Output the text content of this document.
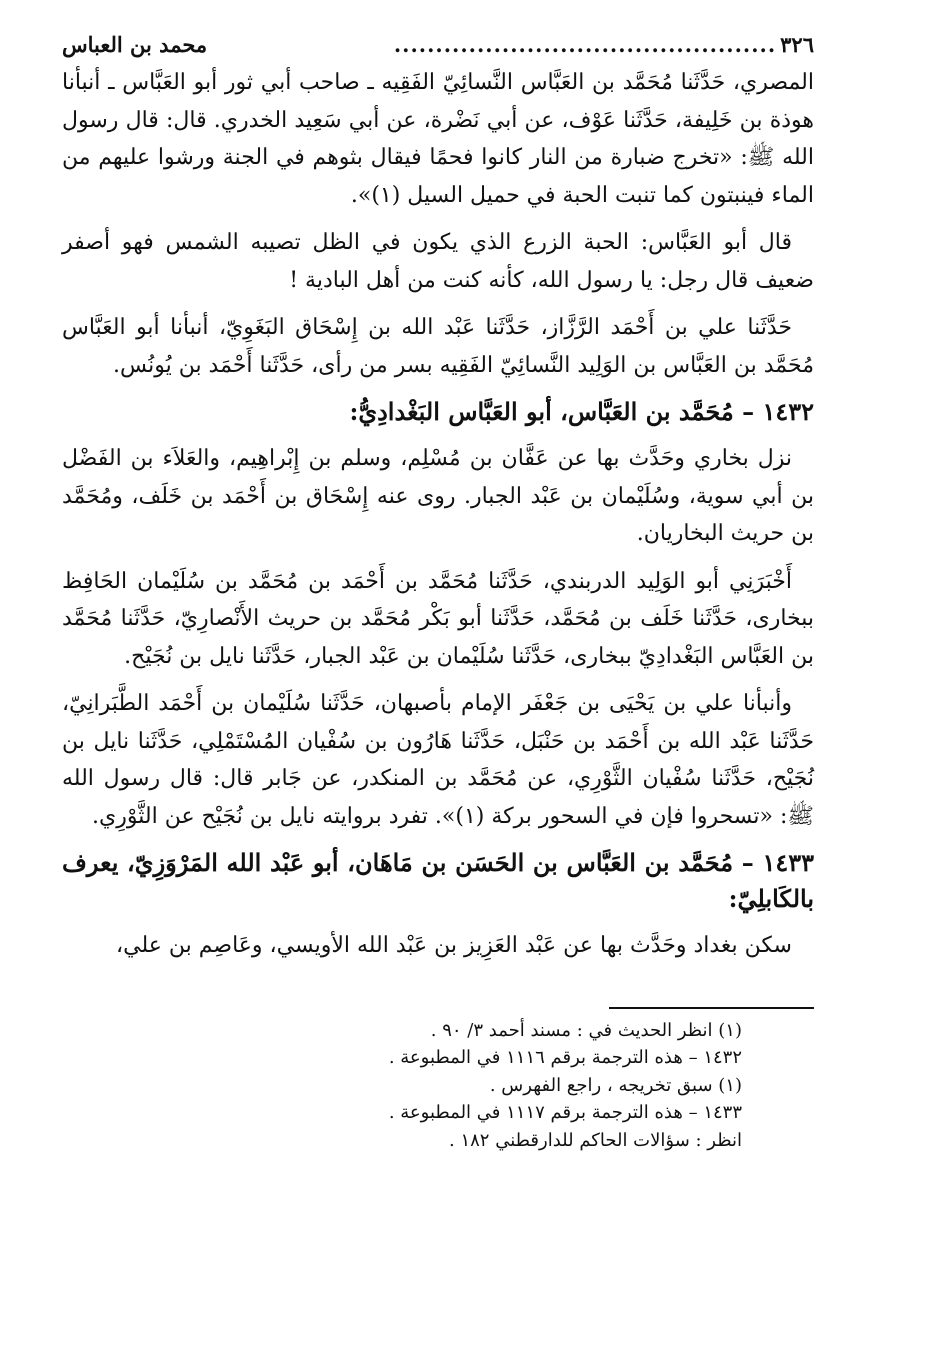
٣٢٦
..............................................
محمد بن العباس

المصري، حَدَّثَنا مُحَمَّد بن العَبَّاس النَّسائِيّ الفَقِيه ـ صاحب أبي ثور أبو العَبَّاس ـ أنبأنا هوذة بن خَلِيفة، حَدَّثَنا عَوْف، عن أبي نَضْرة، عن أبي سَعِيد الخدري. قال: قال رسول الله ﷺ: «تخرج ضبارة من النار كانوا فحمًا فيقال بثوهم في الجنة ورشوا عليهم من الماء فينبتون كما تنبت الحبة في حميل السيل (١)».

قال أبو العَبَّاس: الحبة الزرع الذي يكون في الظل تصيبه الشمس فهو أصفر ضعيف قال رجل: يا رسول الله، كأنه كنت من أهل البادية !

حَدَّثَنا علي بن أَحْمَد الرَّزَّاز، حَدَّثَنا عَبْد الله بن إِسْحَاق البَغَوِيّ، أنبأنا أبو العَبَّاس مُحَمَّد بن العَبَّاس بن الوَلِيد النَّسائِيّ الفَقِيه بسر من رأى، حَدَّثَنا أَحْمَد بن يُونُس.

١٤٣٢ – مُحَمَّد بن العَبَّاس، أبو العَبَّاس البَغْدادِيُّ:

نزل بخاري وحَدَّث بها عن عَفَّان بن مُسْلِم، وسلم بن إِبْراهِيم، والعَلاَء بن الفَضْل بن أبي سوية، وسُلَيْمان بن عَبْد الجبار. روى عنه إِسْحَاق بن أَحْمَد بن خَلَف، ومُحَمَّد بن حريث البخاريان.

أَخْبَرَنِي أبو الوَلِيد الدربندي، حَدَّثَنا مُحَمَّد بن أَحْمَد بن مُحَمَّد بن سُلَيْمان الحَافِظ ببخارى، حَدَّثَنا خَلَف بن مُحَمَّد، حَدَّثَنا أبو بَكْر مُحَمَّد بن حريث الأَنْصارِيّ، حَدَّثَنا مُحَمَّد بن العَبَّاس البَغْدادِيّ ببخارى، حَدَّثَنا سُلَيْمان بن عَبْد الجبار، حَدَّثَنا نايل بن نُجَيْح.

وأنبأنا علي بن يَحْيَى بن جَعْفَر الإمام بأصبهان، حَدَّثَنا سُلَيْمان بن أَحْمَد الطَّبَرانِيّ، حَدَّثَنا عَبْد الله بن أَحْمَد بن حَنْبَل، حَدَّثَنا هَارُون بن سُفْيان المُسْتَمْلِي، حَدَّثَنا نايل بن نُجَيْح، حَدَّثَنا سُفْيان الثَّوْرِي، عن مُحَمَّد بن المنكدر، عن جَابر قال: قال رسول الله ﷺ: «تسحروا فإن في السحور بركة (١)». تفرد بروايته نايل بن نُجَيْح عن الثَّوْرِي.

١٤٣٣ – مُحَمَّد بن العَبَّاس بن الحَسَن بن مَاهَان، أبو عَبْد الله المَرْوَزِيّ، يعرف بالكَابلِيّ:

سكن بغداد وحَدَّث بها عن عَبْد العَزِيز بن عَبْد الله الأويسي، وعَاصِم بن علي،

(١) انظر الحديث في : مسند أحمد ٣/ ٩٠ .
١٤٣٢ – هذه الترجمة برقم ١١١٦ في المطبوعة .
(١) سبق تخريجه ، راجع الفهرس .
١٤٣٣ – هذه الترجمة برقم ١١١٧ في المطبوعة .
انظر : سؤالات الحاكم للدارقطني ١٨٢ .
